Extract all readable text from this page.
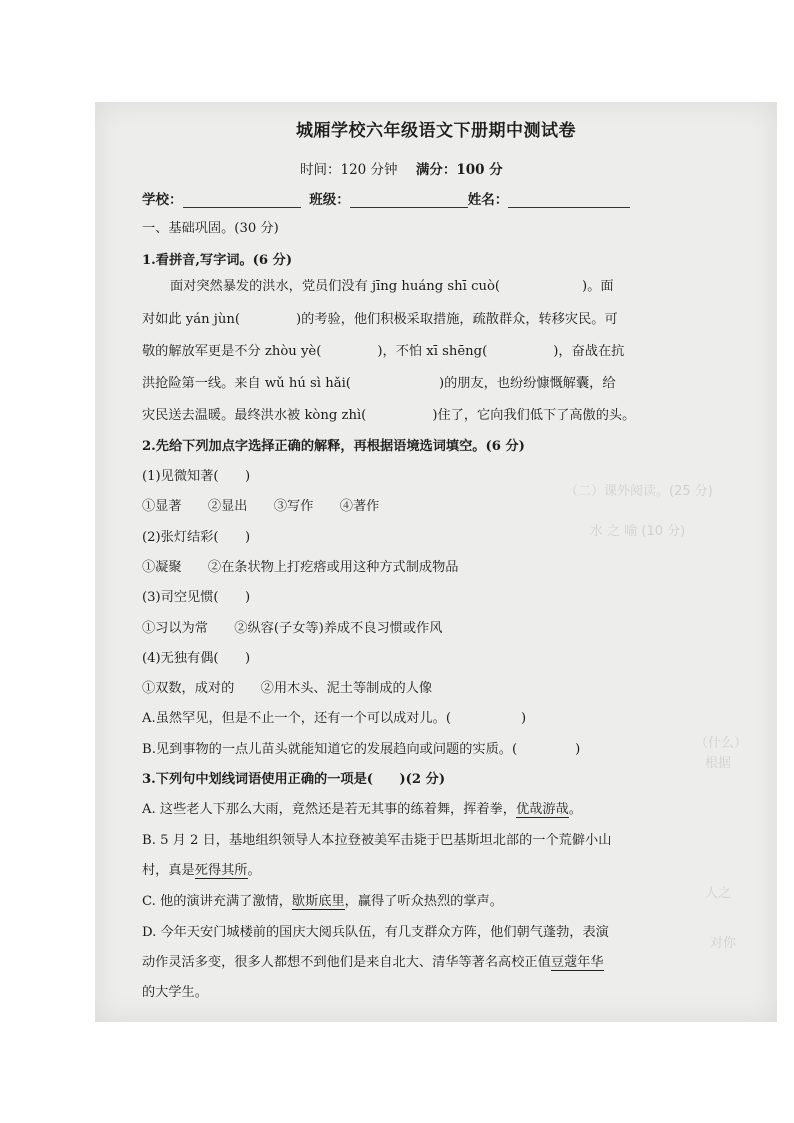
（二）课外阅读。(25 分)
水 之 喻 (10 分)
（什么）
根据
人之
对你
城厢学校六年级语文下册期中测试卷
时间：120 分钟 满分：100 分
学校：	班级：	姓名：
一、基础巩固。(30 分)
1.看拼音,写字词。(6 分)
面对突然暴发的洪水，党员们没有 jīng huáng shī cuò(	)。面
对如此 yán jùn(	)的考验，他们积极采取措施，疏散群众，转移灾民。可
敬的解放军更是不分 zhòu yè(	)，不怕 xī shēng(	)，奋战在抗
洪抢险第一线。来自 wǔ hú sì hǎi(	)的朋友，也纷纷慷慨解囊，给
灾民送去温暖。最终洪水被 kòng zhì(	)住了，它向我们低下了高傲的头。
2.先给下列加点字选择正确的解释，再根据语境选词填空。(6 分)
(1)见微知著(　　)
①显著　　②显出　　③写作　　④著作
(2)张灯结彩(　　)
①凝聚　　②在条状物上打疙瘩或用这种方式制成物品
(3)司空见惯(　　)
①习以为常　　②纵容(子女等)养成不良习惯或作风
(4)无独有偶(　　)
①双数，成对的　　②用木头、泥土等制成的人像
A.虽然罕见，但是不止一个，还有一个可以成对儿。(	)
B.见到事物的一点儿苗头就能知道它的发展趋向或问题的实质。(	)
3.下列句中划线词语使用正确的一项是(　　)(2 分)
A. 这些老人下那么大雨，竟然还是若无其事的练着舞，挥着拳，优哉游哉。
B. 5 月 2 日，基地组织领导人本拉登被美军击毙于巴基斯坦北部的一个荒僻小山
村，真是死得其所。
C. 他的演讲充满了激情，歇斯底里，赢得了听众热烈的掌声。
D. 今年天安门城楼前的国庆大阅兵队伍，有几支群众方阵，他们朝气蓬勃，表演
动作灵活多变，很多人都想不到他们是来自北大、清华等著名高校正值豆蔻年华
的大学生。
